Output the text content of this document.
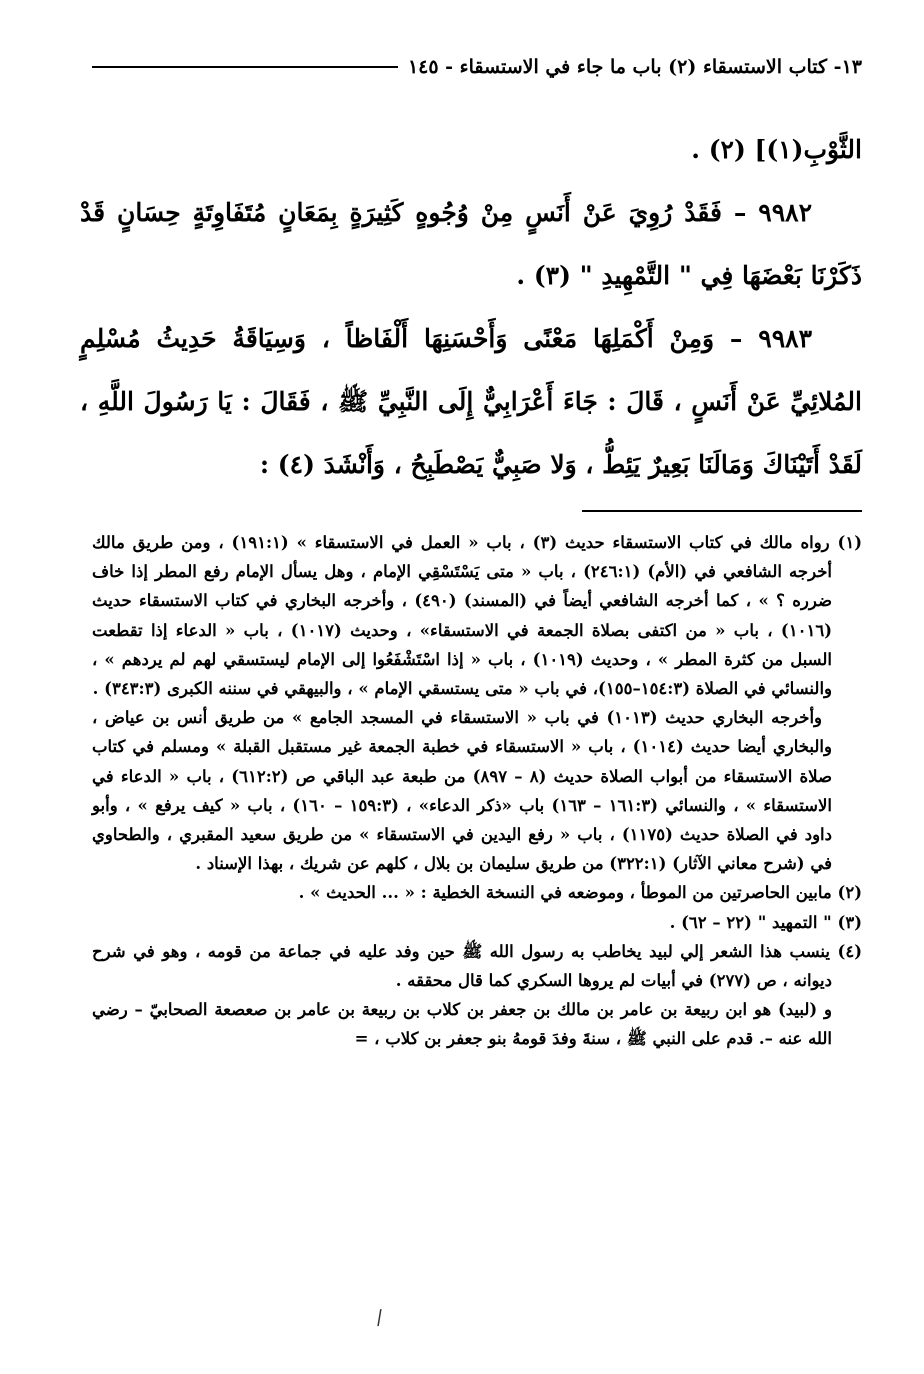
١٣- كتاب الاستسقاء (٢) باب ما جاء في الاستسقاء - ١٤٥

الثَّوْبِ(١)] (٢) .

٩٩٨٢ – فَقَدْ رُوِيَ عَنْ أَنَسٍ مِنْ وُجُوهٍ كَثِيرَةٍ بِمَعَانٍ مُتَفَاوِتَةٍ حِسَانٍ قَدْ ذَكَرْنَا بَعْضَهَا فِي " التَّمْهِيدِ " (٣) .

٩٩٨٣ – وَمِنْ أَكْمَلِهَا مَعْنًى وَأَحْسَنِهَا أَلْفَاظاً ، وَسِيَاقَةُ حَدِيثُ مُسْلِمٍ المُلائِيِّ عَنْ أَنَسٍ ، قَالَ : جَاءَ أَعْرَابِيٌّ إِلَى النَّبِيِّ ﷺ ، فَقَالَ : يَا رَسُولَ اللَّهِ ، لَقَدْ أَتَيْنَاكَ وَمَالَنَا بَعِيرٌ يَئِطُّ ، وَلا صَبِيٌّ يَصْطَبِحُ ، وَأَنْشَدَ (٤) :

(١) رواه مالك في كتاب الاستسقاء حديث (٣) ، باب « العمل في الاستسقاء » (١٩١:١) ، ومن طريق مالك أخرجه الشافعي في (الأم) (٢٤٦:١) ، باب « متى يَسْتَسْقِي الإمام ، وهل يسأل الإمام رفع المطر إذا خاف ضرره ؟ » ، كما أخرجه الشافعي أيضاً في (المسند) (٤٩٠) ، وأخرجه البخاري في كتاب الاستسقاء حديث (١٠١٦) ، باب « من اكتفى بصلاة الجمعة في الاستسقاء» ، وحديث (١٠١٧) ، باب « الدعاء إذا تقطعت السبل من كثرة المطر » ، وحديث (١٠١٩) ، باب « إذا اسْتَشْفَعُوا إلى الإمام ليستسقي لهم لم يردهم » ، والنسائي في الصلاة (١٥٤:٣–١٥٥)، في باب « متى يستسقي الإمام » ، والبيهقي في سننه الكبرى (٣٤٣:٣) .

وأخرجه البخاري حديث (١٠١٣) في باب « الاستسقاء في المسجد الجامع » من طريق أنس بن عياض ، والبخاري أيضا حديث (١٠١٤) ، باب « الاستسقاء في خطبة الجمعة غير مستقبل القبلة » ومسلم في كتاب صلاة الاستسقاء من أبواب الصلاة حديث (٨ – ٨٩٧) من طبعة عبد الباقي ص (٦١٢:٢) ، باب « الدعاء في الاستسقاء » ، والنسائي (١٦١:٣ – ١٦٣) باب «ذكر الدعاء» ، (١٥٩:٣ – ١٦٠) ، باب « كيف يرفع » ، وأبو داود في الصلاة حديث (١١٧٥) ، باب « رفع اليدين في الاستسقاء » من طريق سعيد المقبري ، والطحاوي في (شرح معاني الآثار) (٣٢٢:١) من طريق سليمان بن بلال ، كلهم عن شريك ، بهذا الإسناد .

(٢) مابين الحاصرتين من الموطأ ، وموضعه في النسخة الخطية : « ... الحديث » .

(٣) " التمهيد " (٢٢ – ٦٢) .

(٤) ينسب هذا الشعر إلي لبيد يخاطب به رسول الله ﷺ حين وفد عليه في جماعة من قومه ، وهو في شرح ديوانه ، ص (٢٧٧) في أبيات لم يروها السكري كما قال محققه .

و (لبيد) هو ابن ربيعة بن عامر بن مالك بن جعفر بن كلاب بن ربيعة بن عامر بن صعصعة الصحابيّ – رضي الله عنه –. قدم على النبي ﷺ ، سنةَ وفدَ قومهُ بنو جعفر بن كلاب ، =

/
